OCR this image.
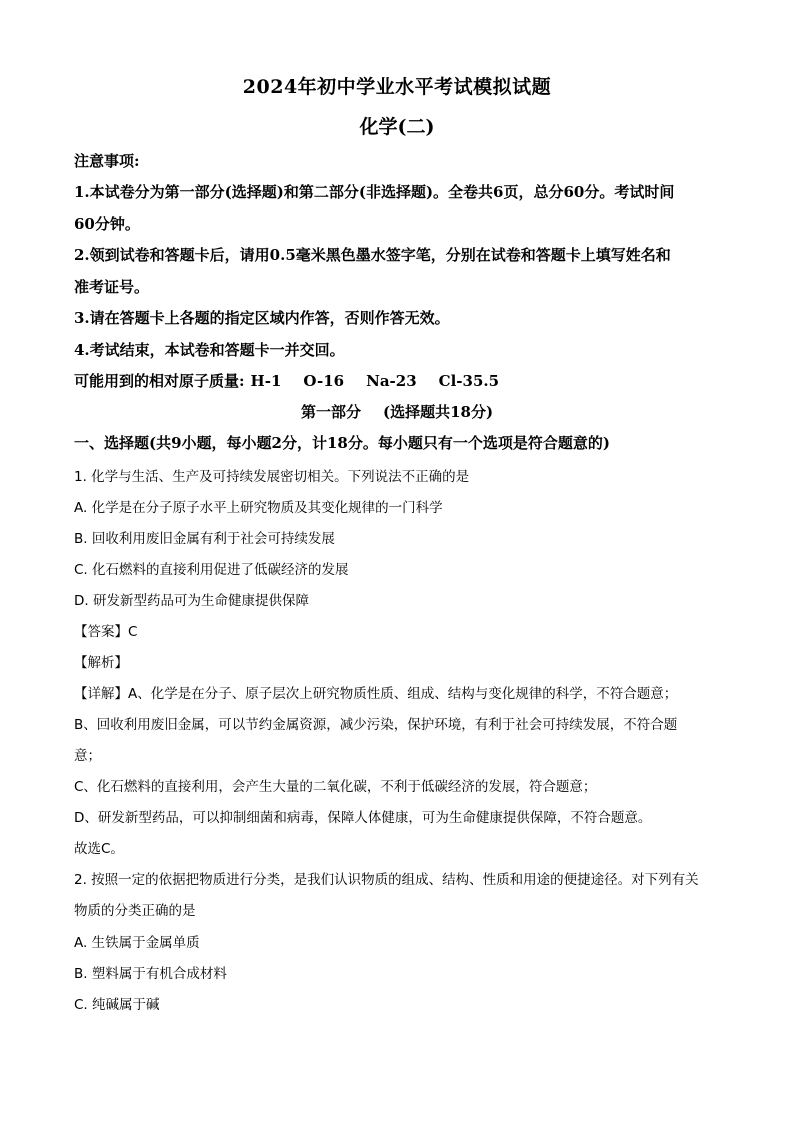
2024年初中学业水平考试模拟试题
化学(二)
注意事项:
1.本试卷分为第一部分(选择题)和第二部分(非选择题)。全卷共6页，总分60分。考试时间
60分钟。
2.领到试卷和答题卡后，请用0.5毫米黑色墨水签字笔，分别在试卷和答题卡上填写姓名和
准考证号。
3.请在答题卡上各题的指定区域内作答，否则作答无效。
4.考试结束，本试卷和答题卡一并交回。
可能用到的相对原子质量: H-1 O-16 Na-23 Cl-35.5
第一部分 (选择题共18分)
一、选择题(共9小题，每小题2分，计18分。每小题只有一个选项是符合题意的)
1. 化学与生活、生产及可持续发展密切相关。下列说法不正确的是
A. 化学是在分子原子水平上研究物质及其变化规律的一门科学
B. 回收利用废旧金属有利于社会可持续发展
C. 化石燃料的直接利用促进了低碳经济的发展
D. 研发新型药品可为生命健康提供保障
【答案】C
【解析】
【详解】A、化学是在分子、原子层次上研究物质性质、组成、结构与变化规律的科学，不符合题意；
B、回收利用废旧金属，可以节约金属资源，减少污染，保护环境，有利于社会可持续发展，不符合题
意；
C、化石燃料的直接利用，会产生大量的二氧化碳，不利于低碳经济的发展，符合题意；
D、研发新型药品，可以抑制细菌和病毒，保障人体健康，可为生命健康提供保障，不符合题意。
故选C。
2. 按照一定的依据把物质进行分类，是我们认识物质的组成、结构、性质和用途的便捷途径。对下列有关
物质的分类正确的是
A. 生铁属于金属单质
B. 塑料属于有机合成材料
C. 纯碱属于碱
